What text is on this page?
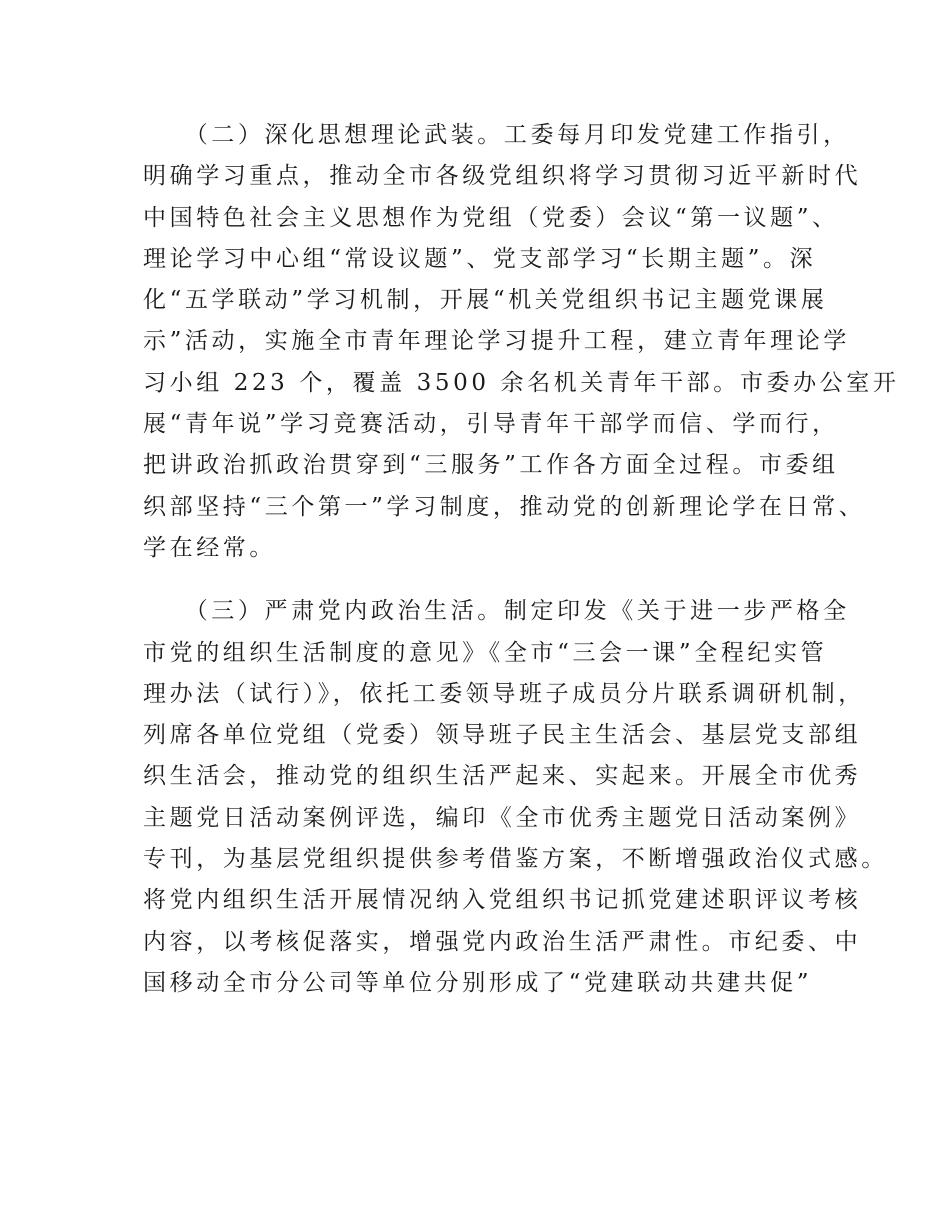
　　（二）深化思想理论武装。工委每月印发党建工作指引，
明确学习重点，推动全市各级党组织将学习贯彻习近平新时代
中国特色社会主义思想作为党组（党委）会议“第一议题”、
理论学习中心组“常设议题”、党支部学习“长期主题”。深
化“五学联动”学习机制，开展“机关党组织书记主题党课展
示”活动，实施全市青年理论学习提升工程，建立青年理论学
习小组 223 个，覆盖 3500 余名机关青年干部。市委办公室开
展“青年说”学习竞赛活动，引导青年干部学而信、学而行，
把讲政治抓政治贯穿到“三服务”工作各方面全过程。市委组
织部坚持“三个第一”学习制度，推动党的创新理论学在日常、
学在经常。
　　（三）严肃党内政治生活。制定印发《关于进一步严格全
市党的组织生活制度的意见》《全市“三会一课”全程纪实管
理办法（试行）》，依托工委领导班子成员分片联系调研机制，
列席各单位党组（党委）领导班子民主生活会、基层党支部组
织生活会，推动党的组织生活严起来、实起来。开展全市优秀
主题党日活动案例评选，编印《全市优秀主题党日活动案例》
专刊，为基层党组织提供参考借鉴方案，不断增强政治仪式感。
将党内组织生活开展情况纳入党组织书记抓党建述职评议考核
内容，以考核促落实，增强党内政治生活严肃性。市纪委、中
国移动全市分公司等单位分别形成了“党建联动共建共促”
